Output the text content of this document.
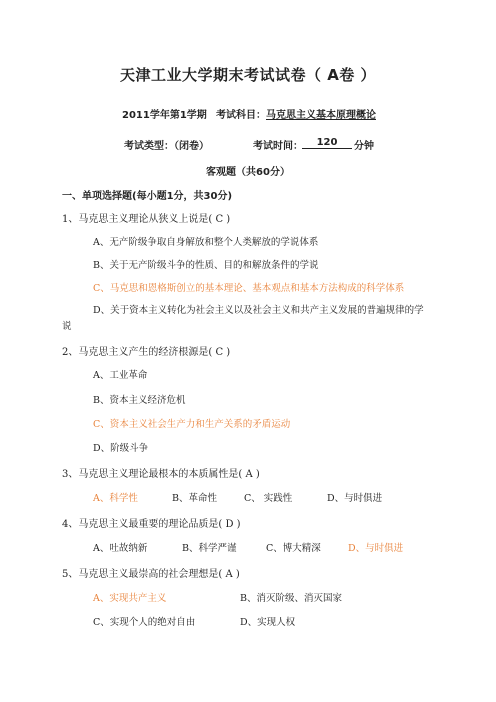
天津工业大学期末考试试卷（ A卷 ）
2011学年第1学期 考试科目： 马克思主义基本原理概论
考试类型：（闭卷）	考试时间：	120	分钟
客观题（共60分）
一、单项选择题(每小题1分，共30分)
1、马克思主义理论从狭义上说是( C )
A、无产阶级争取自身解放和整个人类解放的学说体系
B、关于无产阶级斗争的性质、目的和解放条件的学说
C、马克思和恩格斯创立的基本理论、基本观点和基本方法构成的科学体系
D、关于资本主义转化为社会主义以及社会主义和共产主义发展的普遍规律的学说
2、马克思主义产生的经济根源是( C )
A、工业革命
B、资本主义经济危机
C、资本主义社会生产力和生产关系的矛盾运动
D、阶级斗争
3、马克思主义理论最根本的本质属性是( A )
A、科学性	B、革命性	C、 实践性	D、与时俱进
4、马克思主义最重要的理论品质是( D )
A、吐故纳新	B、科学严谨	C、博大精深	D、与时俱进
5、马克思主义最崇高的社会理想是( A )
A、实现共产主义	B、消灭阶级、消灭国家
C、实现个人的绝对自由	D、实现人权
